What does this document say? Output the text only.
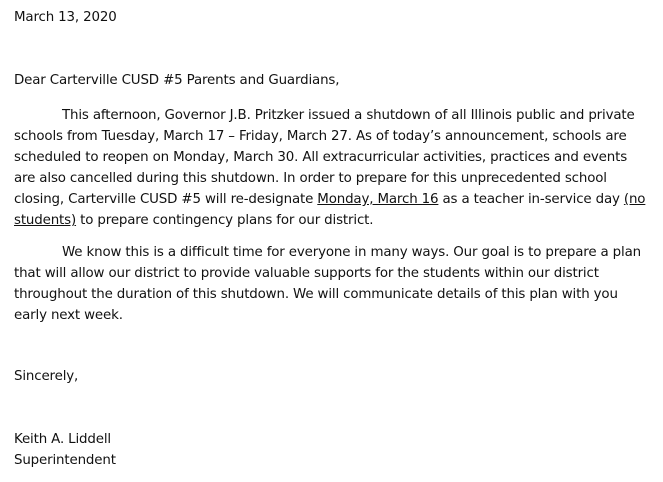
March 13, 2020
Dear Carterville CUSD #5 Parents and Guardians,
This afternoon, Governor J.B. Pritzker issued a shutdown of all Illinois public and private
schools from Tuesday, March 17 – Friday, March 27. As of today’s announcement, schools are
scheduled to reopen on Monday, March 30. All extracurricular activities, practices and events
are also cancelled during this shutdown. In order to prepare for this unprecedented school
closing, Carterville CUSD #5 will re-designate Monday, March 16 as a teacher in-service day (no
students) to prepare contingency plans for our district.
We know this is a difficult time for everyone in many ways. Our goal is to prepare a plan
that will allow our district to provide valuable supports for the students within our district
throughout the duration of this shutdown. We will communicate details of this plan with you
early next week.
Sincerely,
Keith A. Liddell
Superintendent
